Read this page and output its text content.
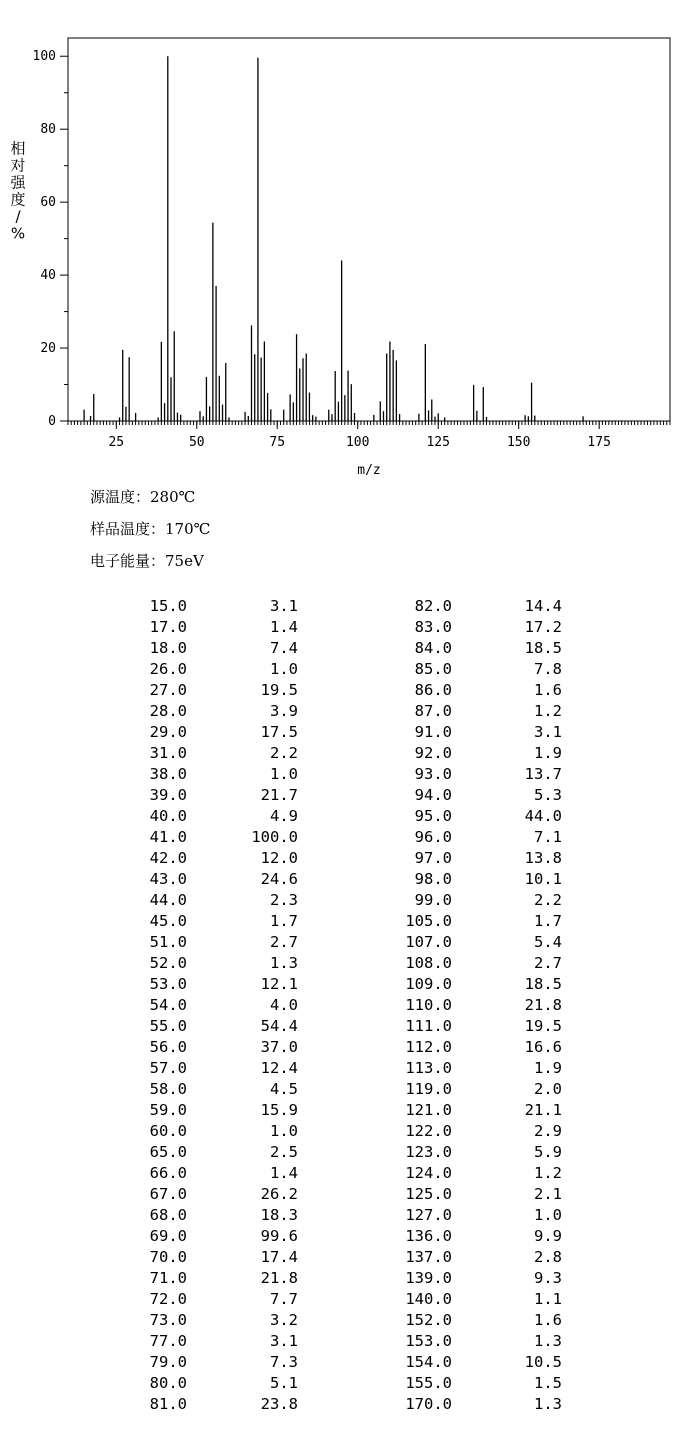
25	50	75	100	125	150	175
0
20
40
60
80
100
m/z
相对强度/ %
源温度：280℃
样品温度：170℃
电子能量：75eV
15.0	3.1	82.0	14.4
17.0	1.4	83.0	17.2
18.0	7.4	84.0	18.5
26.0	1.0	85.0	7.8
27.0	19.5	86.0	1.6
28.0	3.9	87.0	1.2
29.0	17.5	91.0	3.1
31.0	2.2	92.0	1.9
38.0	1.0	93.0	13.7
39.0	21.7	94.0	5.3
40.0	4.9	95.0	44.0
41.0	100.0	96.0	7.1
42.0	12.0	97.0	13.8
43.0	24.6	98.0	10.1
44.0	2.3	99.0	2.2
45.0	1.7	105.0	1.7
51.0	2.7	107.0	5.4
52.0	1.3	108.0	2.7
53.0	12.1	109.0	18.5
54.0	4.0	110.0	21.8
55.0	54.4	111.0	19.5
56.0	37.0	112.0	16.6
57.0	12.4	113.0	1.9
58.0	4.5	119.0	2.0
59.0	15.9	121.0	21.1
60.0	1.0	122.0	2.9
65.0	2.5	123.0	5.9
66.0	1.4	124.0	1.2
67.0	26.2	125.0	2.1
68.0	18.3	127.0	1.0
69.0	99.6	136.0	9.9
70.0	17.4	137.0	2.8
71.0	21.8	139.0	9.3
72.0	7.7	140.0	1.1
73.0	3.2	152.0	1.6
77.0	3.1	153.0	1.3
79.0	7.3	154.0	10.5
80.0	5.1	155.0	1.5
81.0	23.8	170.0	1.3
